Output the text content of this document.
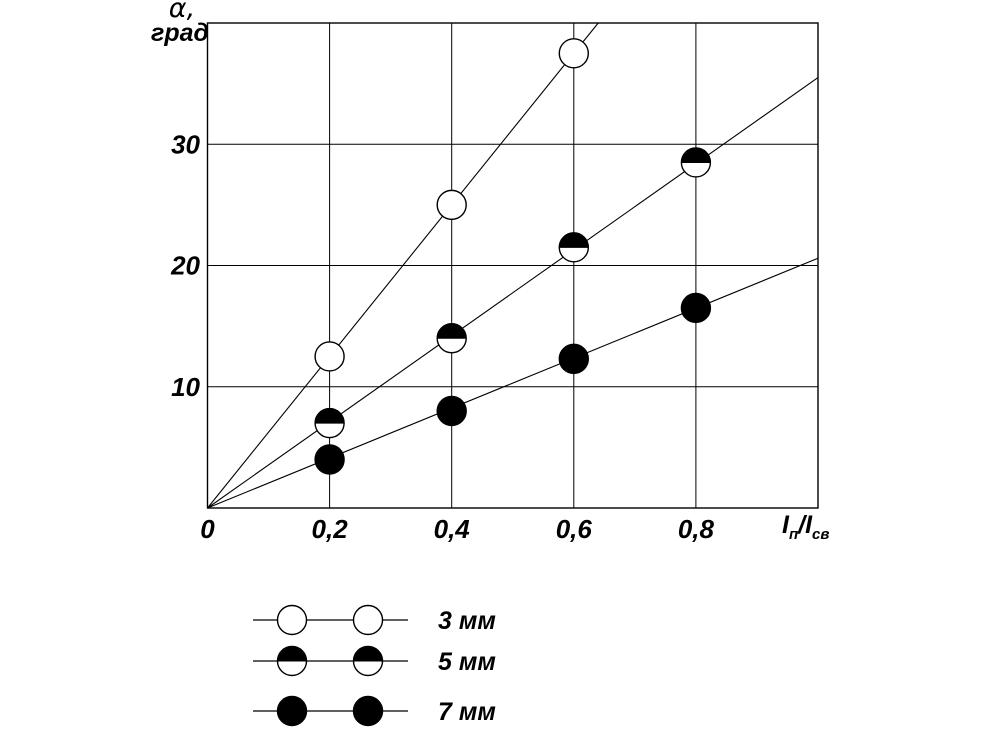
0	0,2	0,4	0,6	0,8
10
20
30
α,
град
$I_п/I_{св}$
3 мм
5 мм
7 мм
